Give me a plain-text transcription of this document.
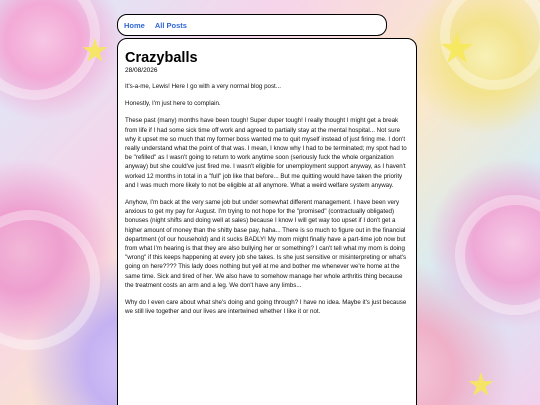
Home All Posts
Crazyballs
28/08/2026

It's-a-me, Lewis! Here I go with a very normal blog post...

Honestly, I'm just here to complain.

These past (many) months have been tough! Super duper tough! I really thought I might get a break from life if I had some sick time off work and agreed to partially stay at the mental hospital... Not sure why it upset me so much that my former boss wanted me to quit myself instead of just firing me. I don't really understand what the point of that was. I mean, I know why I had to be terminated; my spot had to be "refilled" as I wasn't going to return to work anytime soon (seriously fuck the whole organization anyway) but she could've just fired me. I wasn't eligible for unemployment support anyway, as I haven't worked 12 months in total in a "full" job like that before... But me quitting would have taken the priority and I was much more likely to not be eligible at all anymore. What a weird welfare system anyway.

Anyhow, I'm back at the very same job but under somewhat different management. I have been very anxious to get my pay for August. I'm trying to not hope for the "promised" (contractually obligated) bonuses (night shifts and doing well at sales) because I know I will get way too upset if I don't get a higher amount of money than the shitty base pay, haha... There is so much to figure out in the financial department (of our household) and it sucks BADLY! My mom might finally have a part-time job now but from what I'm hearing is that they are also bullying her or something? I can't tell what my mom is doing "wrong" if this keeps happening at every job she takes. Is she just sensitive or misinterpreting or what's going on here???? This lady does nothing but yell at me and bother me whenever we're home at the same time. Sick and tired of her. We also have to somehow manage her whole arthritis thing because the treatment costs an arm and a leg. We don't have any limbs...

Why do I even care about what she's doing and going through? I have no idea. Maybe it's just because we still live together and our lives are intertwined whether I like it or not.
